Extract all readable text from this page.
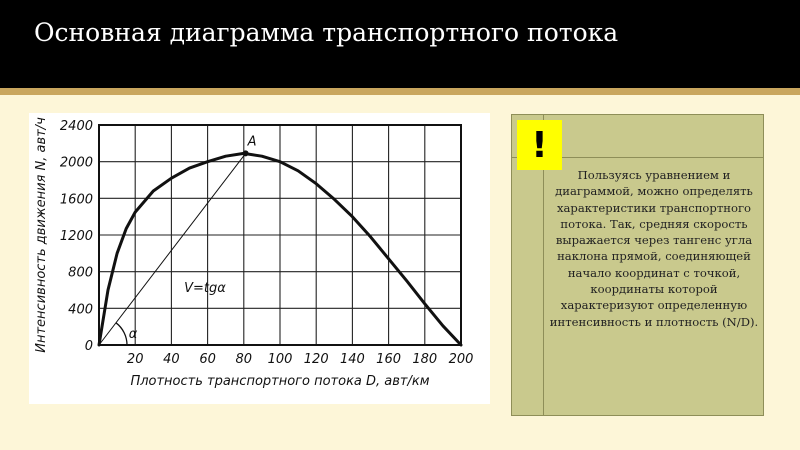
Основная диаграмма транспортного потока
20 40 60 80 100 120 140 160 180 200
0
400
800
1200
1600
2000
2400
Плотность транспортного потока D, авт/км
Интенсивность движения N, авт/ч	A
V=tgα
α
!
Пользуясь уравнением и диаграммой, можно определять характеристики транспортного потока. Так, средняя скорость выражается через тангенс угла наклона прямой, соединяющей начало координат с точкой, координаты которой характеризуют определенную интенсивность и плотность (N/D).
